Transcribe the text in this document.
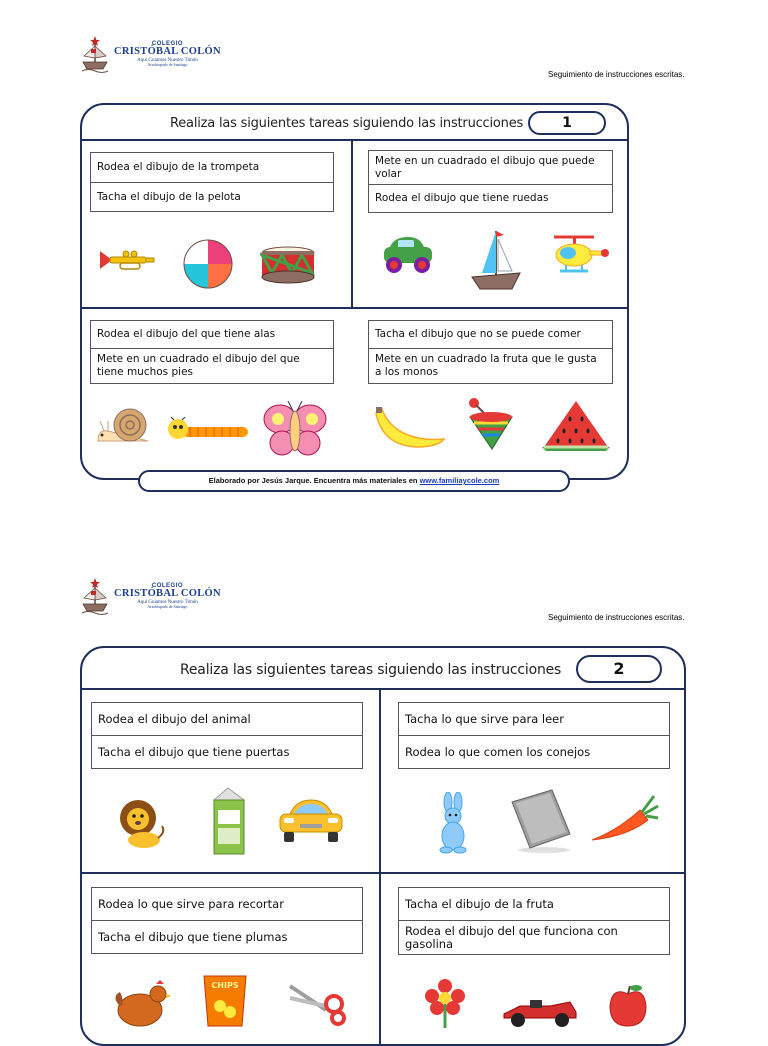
COLEGIO
CRISTÓBAL COLÓN
Aquí Guiamos Nuestro Timón
Arzobispado de Santiago
Seguimiento de instrucciones escritas.
Realiza las siguientes tareas siguiendo las instrucciones	1
Rodea el dibujo de la trompeta
Tacha el dibujo de la pelota
Mete en un cuadrado el dibujo que puede volar
Rodea el dibujo que tiene ruedas
Rodea el dibujo del que tiene alas
Mete en un cuadrado el dibujo del que tiene muchos pies
Tacha el dibujo que no se puede comer
Mete en un cuadrado la fruta que le gusta a los monos
Elaborado por Jesús Jarque. Encuentra más materiales en www.familiaycole.com
COLEGIO
CRISTÓBAL COLÓN
Aquí Guiamos Nuestro Timón
Arzobispado de Santiago
Seguimiento de instrucciones escritas.
Realiza las siguientes tareas siguiendo las instrucciones	2
Rodea el dibujo del animal
Tacha el dibujo que tiene puertas
Tacha lo que sirve para leer
Rodea lo que comen los conejos
Rodea lo que sirve para recortar
Tacha el dibujo que tiene plumas
CHIPS
Tacha el dibujo de la fruta
Rodea el dibujo del que funciona con gasolina
